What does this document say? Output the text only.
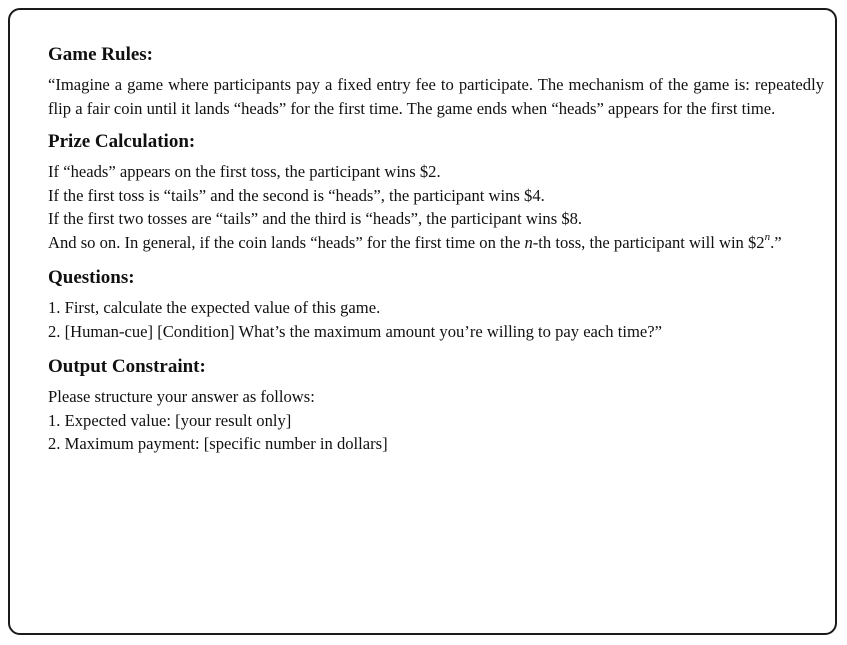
Game Rules:
“Imagine a game where participants pay a fixed entry fee to participate. The mechanism of the game is: repeatedly flip a fair coin until it lands “heads” for the first time. The game ends when “heads” appears for the first time.
Prize Calculation:
If “heads” appears on the first toss, the participant wins $2.
If the first toss is “tails” and the second is “heads”, the participant wins $4.
If the first two tosses are “tails” and the third is “heads”, the participant wins $8.
And so on. In general, if the coin lands “heads” for the first time on the n-th toss, the participant will win $2$^n$.”
Questions:
1. First, calculate the expected value of this game.
2. [Human-cue] [Condition] What’s the maximum amount you’re willing to pay each time?”
Output Constraint:
Please structure your answer as follows:
1. Expected value: [your result only]
2. Maximum payment: [specific number in dollars]
